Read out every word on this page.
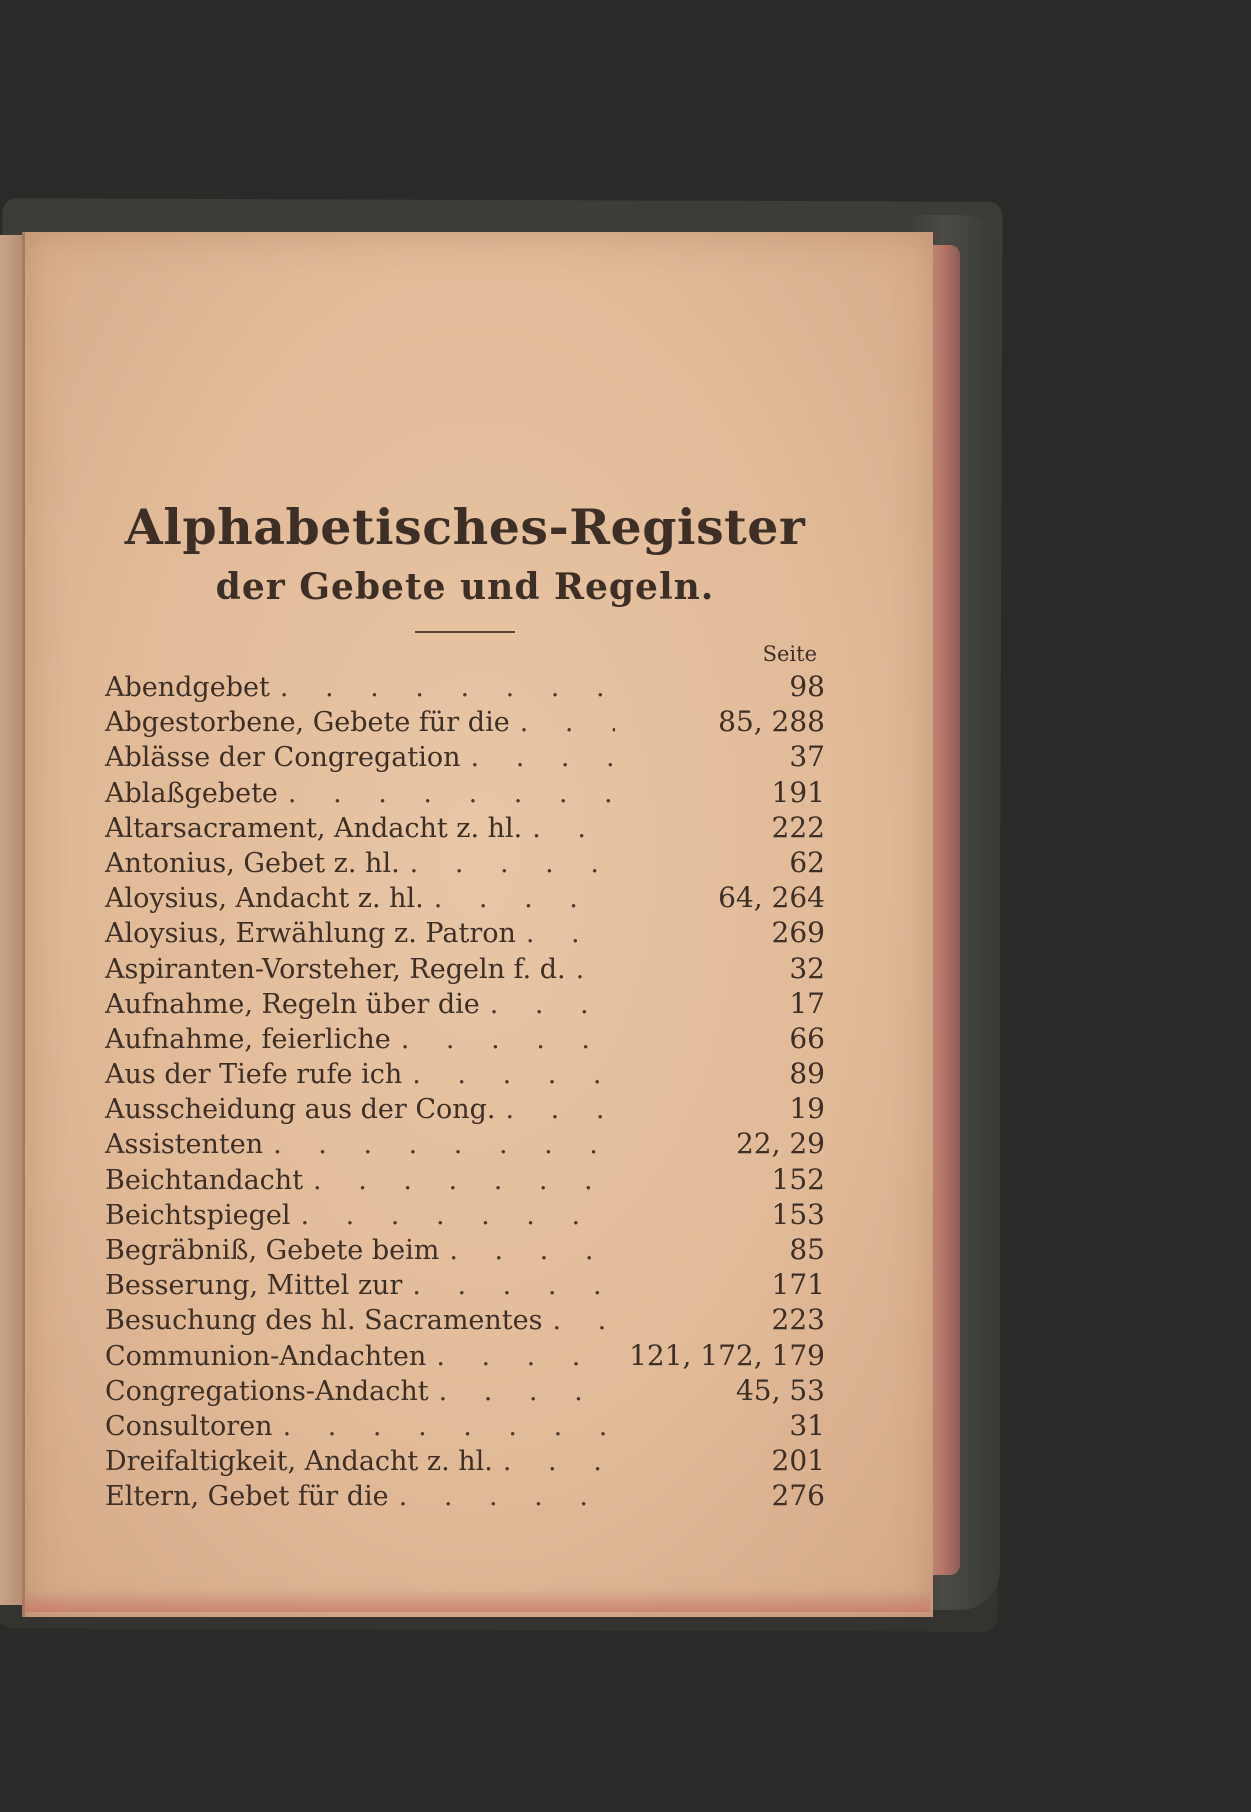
Alphabetisches-Register
der Gebete und Regeln.
Seite
Abendgebet . . .	98
Abgestorbene, Gebete für die . . .	85, 288
Ablässe der Congregation . . .	37
Ablaßgebete . . .	191
Altarsacrament, Andacht z. hl. . . .	222
Antonius, Gebet z. hl. . . .	62
Aloysius, Andacht z. hl. . . .	64, 264
Aloysius, Erwählung z. Patron . . .	269
Aspiranten-Vorsteher, Regeln f. d. . . .	32
Aufnahme, Regeln über die . . .	17
Aufnahme, feierliche . . .	66
Aus der Tiefe rufe ich . . .	89
Ausscheidung aus der Cong. . . .	19
Assistenten . . .	22, 29
Beichtandacht . . .	152
Beichtspiegel . . .	153
Begräbniß, Gebete beim . . .	85
Besserung, Mittel zur . . .	171
Besuchung des hl. Sacramentes . . .	223
Communion-Andachten . . .	121, 172, 179
Congregations-Andacht . . .	45, 53
Consultoren . . .	31
Dreifaltigkeit, Andacht z. hl. . . .	201
Eltern, Gebet für die . . .	276
